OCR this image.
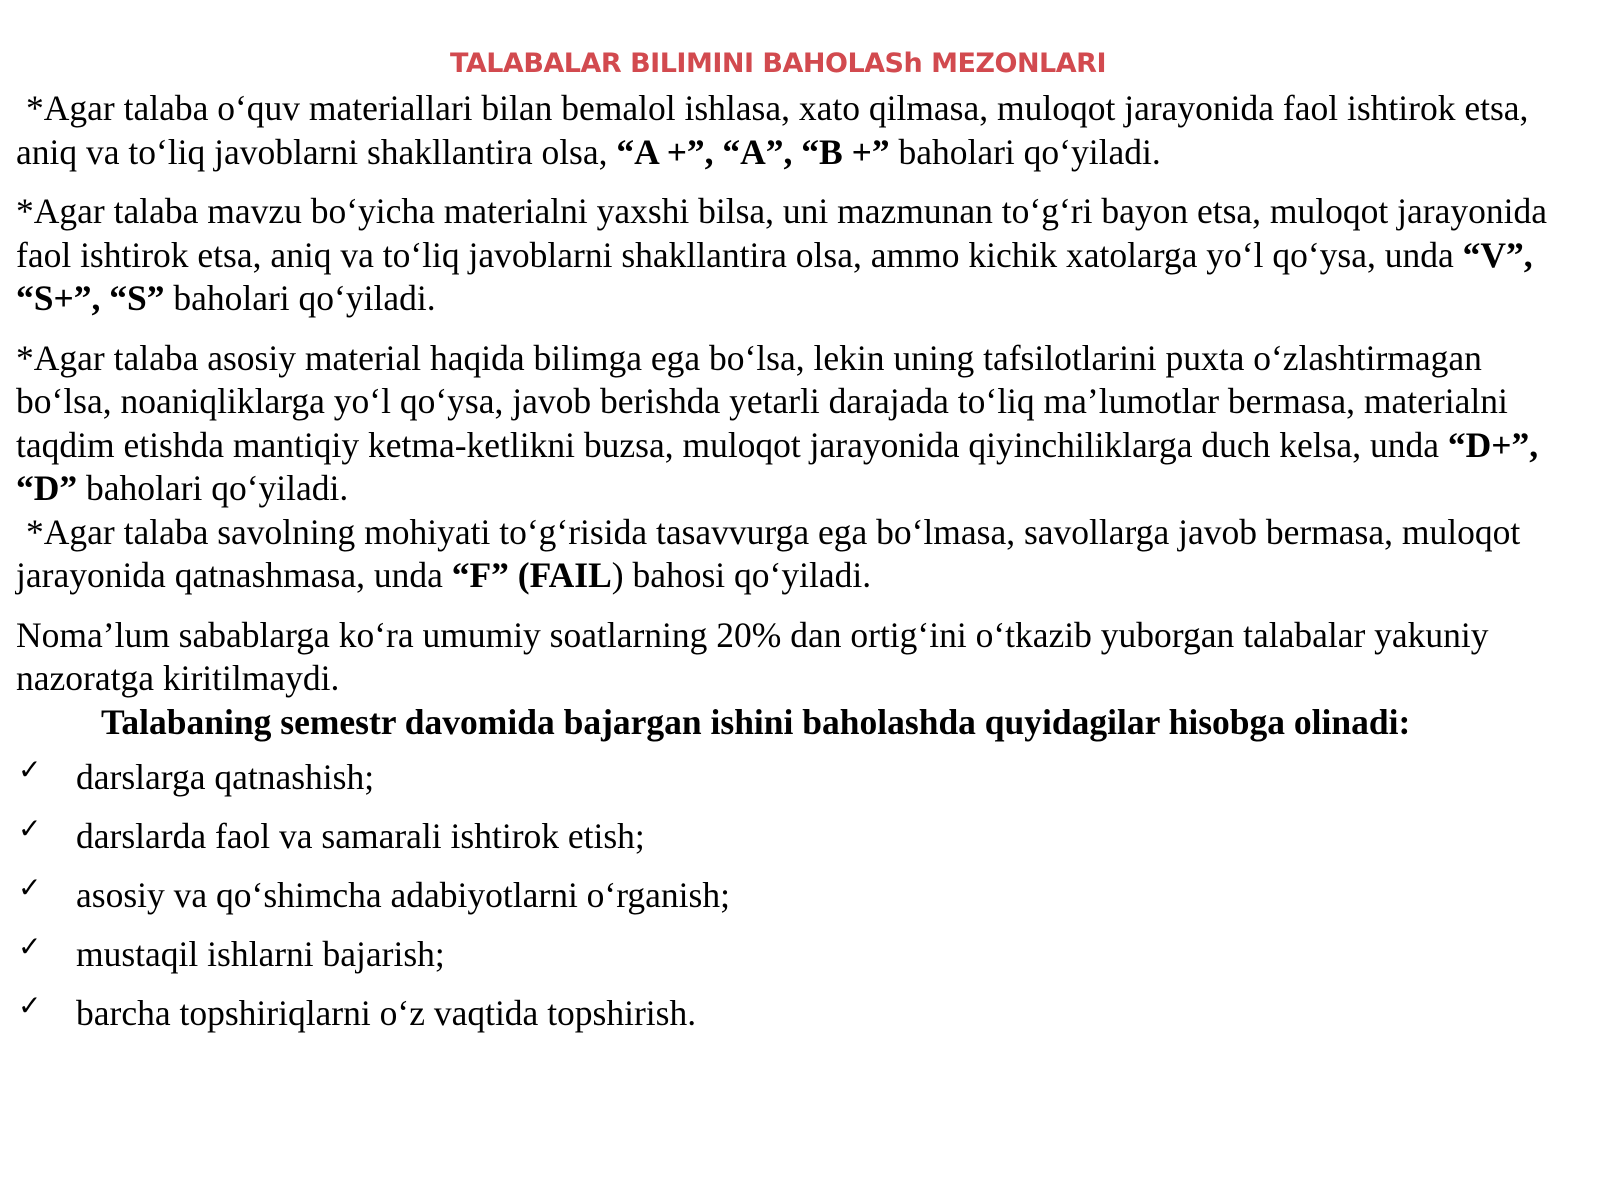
TALABALAR BILIMINI BAHOLASh MEZONLARI

*Agar talaba o‘quv materiallari bilan bemalol ishlasa, xato qilmasa, muloqot jarayonida faol ishtirok etsa, aniq va to‘liq javoblarni shakllantira olsa, “A +”, “A”, “B +” baholari qo‘yiladi.

*Agar talaba mavzu bo‘yicha materialni yaxshi bilsa, uni mazmunan to‘g‘ri bayon etsa, muloqot jarayonida faol ishtirok etsa, aniq va to‘liq javoblarni shakllantira olsa, ammo kichik xatolarga yo‘l qo‘ysa, unda “V”, “S+”, “S” baholari qo‘yiladi.

*Agar talaba asosiy material haqida bilimga ega bo‘lsa, lekin uning tafsilotlarini puxta o‘zlashtirmagan bo‘lsa, noaniqliklarga yo‘l qo‘ysa, javob berishda yetarli darajada to‘liq ma’lumotlar bermasa, materialni taqdim etishda mantiqiy ketma-ketlikni buzsa, muloqot jarayonida qiyinchiliklarga duch kelsa, unda “D+”, “D” baholari qo‘yiladi.

*Agar talaba savolning mohiyati to‘g‘risida tasavvurga ega bo‘lmasa, savollarga javob bermasa, muloqot jarayonida qatnashmasa, unda “F” (FAIL) bahosi qo‘yiladi.

Noma’lum sabablarga ko‘ra umumiy soatlarning 20% dan ortig‘ini o‘tkazib yuborgan talabalar yakuniy nazoratga kiritilmaydi.

Talabaning semestr davomida bajargan ishini baholashda quyidagilar hisobga olinadi:

✓ darslarga qatnashish;
✓ darslarda faol va samarali ishtirok etish;
✓ asosiy va qo‘shimcha adabiyotlarni o‘rganish;
✓ mustaqil ishlarni bajarish;
✓ barcha topshiriqlarni o‘z vaqtida topshirish.
